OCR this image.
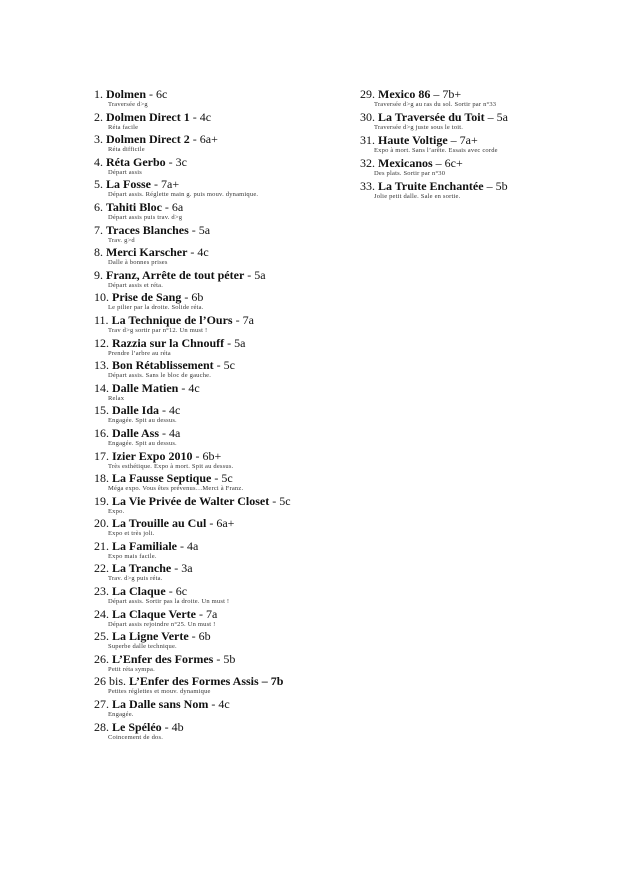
1. Dolmen - 6c
Traversée d>g
2. Dolmen Direct 1 - 4c
Réta facile
3. Dolmen Direct 2 - 6a+
Réta difficile
4. Réta Gerbo - 3c
Départ assis
5. La Fosse - 7a+
Départ assis. Réglette main g. puis mouv. dynamique.
6. Tahiti Bloc - 6a
Départ assis puis trav. d>g
7. Traces Blanches - 5a
Trav. g>d
8. Merci Karscher - 4c
Dalle à bonnes prises
9. Franz, Arrête de tout péter - 5a
Départ assis et réta.
10. Prise de Sang - 6b
Le pilier par la droite. Solide réta.
11. La Technique de l’Ours - 7a
Trav d>g sortir par n°12. Un must !
12. Razzia sur la Chnouff - 5a
Prendre l’arbre au réta
13. Bon Rétablissement - 5c
Départ assis. Sans le bloc de gauche.
14. Dalle Matien - 4c
Relax
15. Dalle Ida - 4c
Engagée. Spit au dessus.
16. Dalle Ass - 4a
Engagée. Spit au dessus.
17. Izier Expo 2010 - 6b+
Très esthétique. Expo à mort. Spit au dessus.
18. La Fausse Septique - 5c
Méga expo. Vous êtes prévenus…Merci à Franz.
19. La Vie Privée de Walter Closet - 5c
Expo.
20. La Trouille au Cul - 6a+
Expo et très joli.
21. La Familiale - 4a
Expo mais facile.
22. La Tranche - 3a
Trav. d>g puis réta.
23. La Claque - 6c
Départ assis. Sortir pas la droite. Un must !
24. La Claque Verte - 7a
Départ assis rejoindre n°25. Un must !
25. La Ligne Verte - 6b
Superbe dalle technique.
26. L’Enfer des Formes - 5b
Petit réta sympa.
26 bis. L’Enfer des Formes Assis – 7b
Petites réglettes et mouv. dynamique
27. La Dalle sans Nom - 4c
Engagée.
28. Le Spéléo - 4b
Coincement de dos.
29. Mexico 86 – 7b+
Traversée d>g au ras du sol. Sortir par n°33
30. La Traversée du Toit – 5a
Traversée d>g juste sous le toit.
31. Haute Voltige – 7a+
Expo à mort. Sans l’arête. Essais avec corde
32. Mexicanos – 6c+
Des plats. Sortir par n°30
33. La Truite Enchantée – 5b
Jolie petit dalle. Sale en sortie.
